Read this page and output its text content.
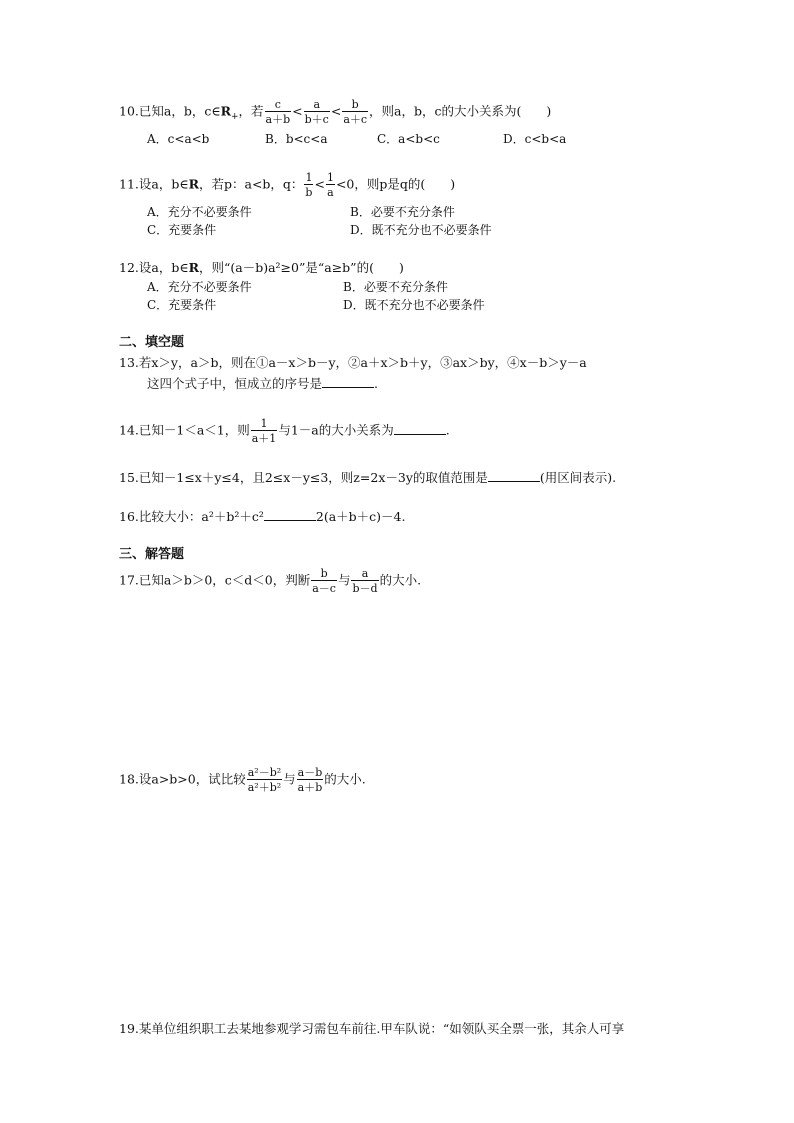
10.已知a，b，$c\in R_+$，若 $\frac{c}{a+b} < \frac{a}{b+c} < \frac{b}{a+c}$ ，则a，b，c的大小关系为(　　)
A．c<a<b	B．b<c<a	C．a<b<c	D．c<b<a
11.设a，b∈R，若p：a<b，q： $\frac{1}{b} < \frac{1}{a} <0$，则p是q的(　　)
A．充分不必要条件	B．必要不充分条件
C．充要条件	D．既不充分也不必要条件
12.设a，b∈R，则“(a－b)a²≥0”是“a≥b”的(　　)
A．充分不必要条件	B．必要不充分条件
C．充要条件	D．既不充分也不必要条件
二、填空题
13.若x＞y，a＞b，则在①a－x＞b－y，②a＋x＞b＋y，③ax＞by，④x－b＞y－a
这四个式子中，恒成立的序号是	.
14.已知－1＜a＜1，则 $\frac{1}{a+1}$ 与1－a的大小关系为	.
15.已知－1≤x＋y≤4，且2≤x－y≤3，则z=2x－3y的取值范围是	(用区间表示).
16.比较大小：a²＋b²＋c²	2(a＋b＋c)－4.
三、解答题
17.已知a＞b＞0，c＜d＜0，判断 $\frac{b}{a-c}$ 与 $\frac{a}{b-d}$ 的大小.
18.设a>b>0，试比较 $\frac{\text{a²－b²}}{\text{a²＋b²}}$ 与 $\frac{a-b}{a+b}$ 的大小.
19.某单位组织职工去某地参观学习需包车前往.甲车队说：“如领队买全票一张，其余人可享
